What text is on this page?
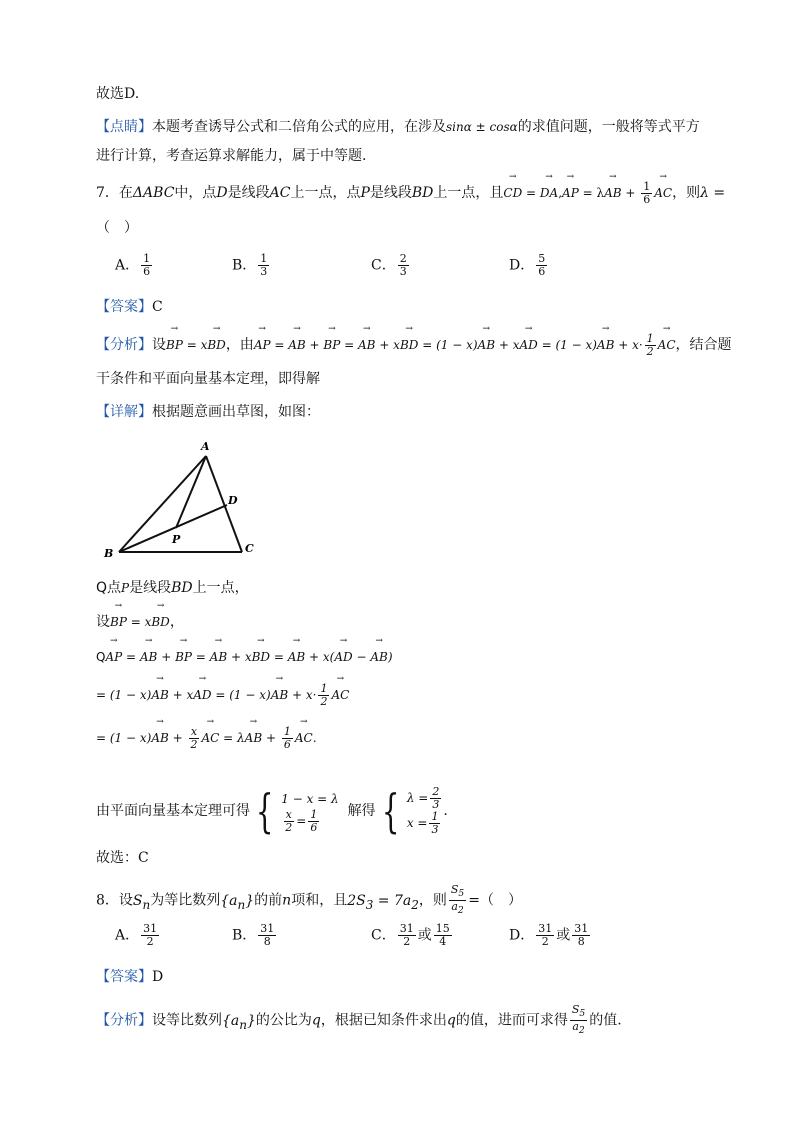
故选D.
【点睛】本题考查诱导公式和二倍角公式的应用，在涉及sinα ± cosα的求值问题，一般将等式平方
进行计算，考查运算求解能力，属于中等题.
7．在ΔABC中，点D是线段AC上一点，点P是线段BD上一点，且→ CD = → DA,→ AP = λ→ AB + $\frac{1}{6}$ → AC，则λ =
（　）
A． $\frac{1}{6}$	B． $\frac{1}{3}$	C． $\frac{2}{3}$	D． $\frac{5}{6}$
【答案】C
【分析】设→ BP = x→ BD，由→ AP = → AB + → BP = → AB + x→ BD = (1 − x)→ AB + x→ AD = (1 − x)→ AB + $x\cdot \frac{1}{2}$ → AC，结合题
干条件和平面向量基本定理，即得解
【详解】根据题意画出草图，如图：
A
B	C
D
P
Q点P是线段BD上一点，
设→ BP = x→ BD，
Q→ AP = → AB + → BP = → AB + x→ BD = → AB + x(→ AD − → AB)
= (1 − x)→ AB + x→ AD = (1 − x)→ AB + $x\cdot \frac{1}{2}$ → AC
= (1 − x)→ AB + $\frac{x}{2}$ → AC = λ→ AB + $\frac{1}{6}$ → AC.
由平面向量基本定理可得 { 1 − x = λ
$\frac{x}{2} = \frac{1}{6}$ 解得 { $\lambda = \frac{2}{3}$
$x = \frac{1}{3}$ .
故选：C
8．设$S_n$为等比数列$\{a_n\}$的前n项和，且$2S_3 = 7a_2$，则 $\frac{S_5}{a_2}$ =（　）
A． $\frac{31}{2}$	B． $\frac{31}{8}$	C． $\frac{31}{2}$ 或 $\frac{15}{4}$	D． $\frac{31}{2}$ 或 $\frac{31}{8}$
【答案】D
【分析】设等比数列$\{a_n\}$的公比为q，根据已知条件求出q的值，进而可求得 $\frac{S_5}{a_2}$ 的值.
